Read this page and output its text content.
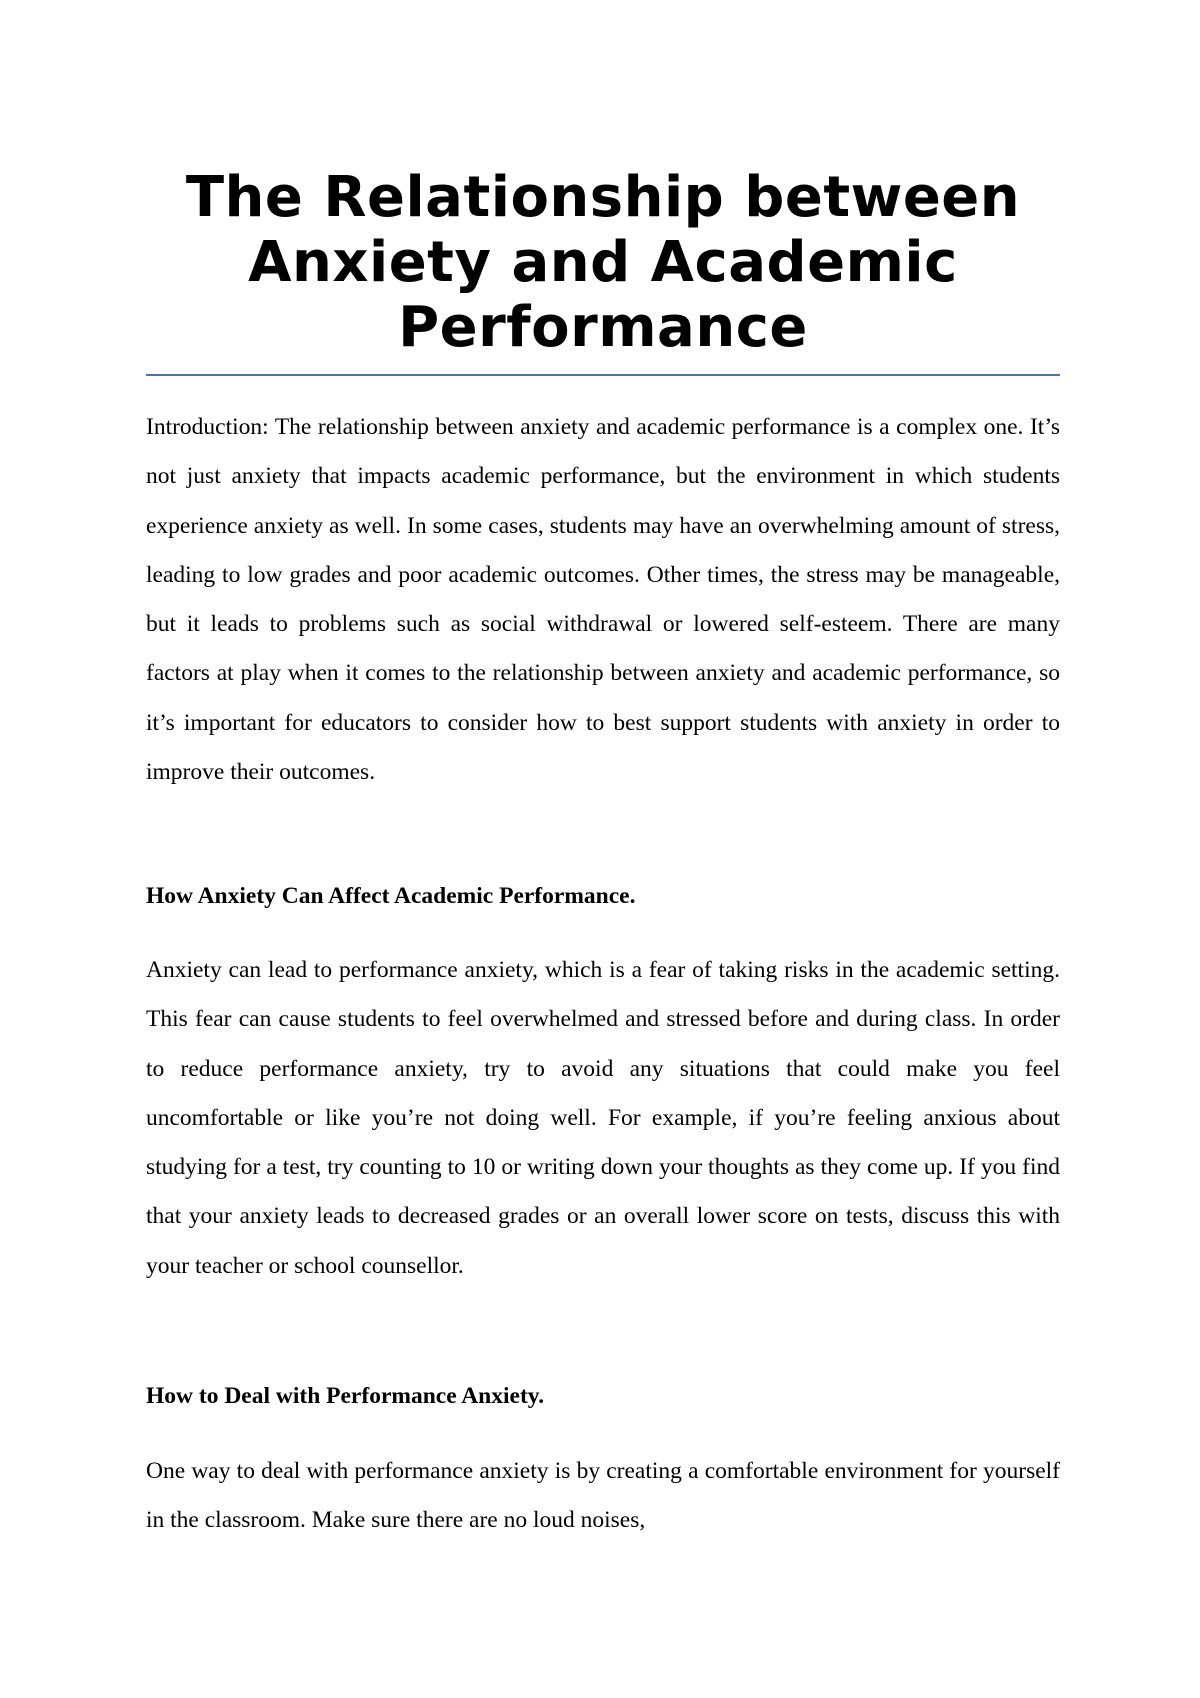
The Relationship between Anxiety and Academic Performance

Introduction: The relationship between anxiety and academic performance is a complex one. It’s not just anxiety that impacts academic performance, but the environment in which students experience anxiety as well. In some cases, students may have an overwhelming amount of stress, leading to low grades and poor academic outcomes. Other times, the stress may be manageable, but it leads to problems such as social withdrawal or lowered self-esteem. There are many factors at play when it comes to the relationship between anxiety and academic performance, so it’s important for educators to consider how to best support students with anxiety in order to improve their outcomes.

How Anxiety Can Affect Academic Performance.

Anxiety can lead to performance anxiety, which is a fear of taking risks in the academic setting. This fear can cause students to feel overwhelmed and stressed before and during class. In order to reduce performance anxiety, try to avoid any situations that could make you feel uncomfortable or like you’re not doing well. For example, if you’re feeling anxious about studying for a test, try counting to 10 or writing down your thoughts as they come up. If you find that your anxiety leads to decreased grades or an overall lower score on tests, discuss this with your teacher or school counsellor.

How to Deal with Performance Anxiety.

One way to deal with performance anxiety is by creating a comfortable environment for yourself in the classroom. Make sure there are no loud noises,
